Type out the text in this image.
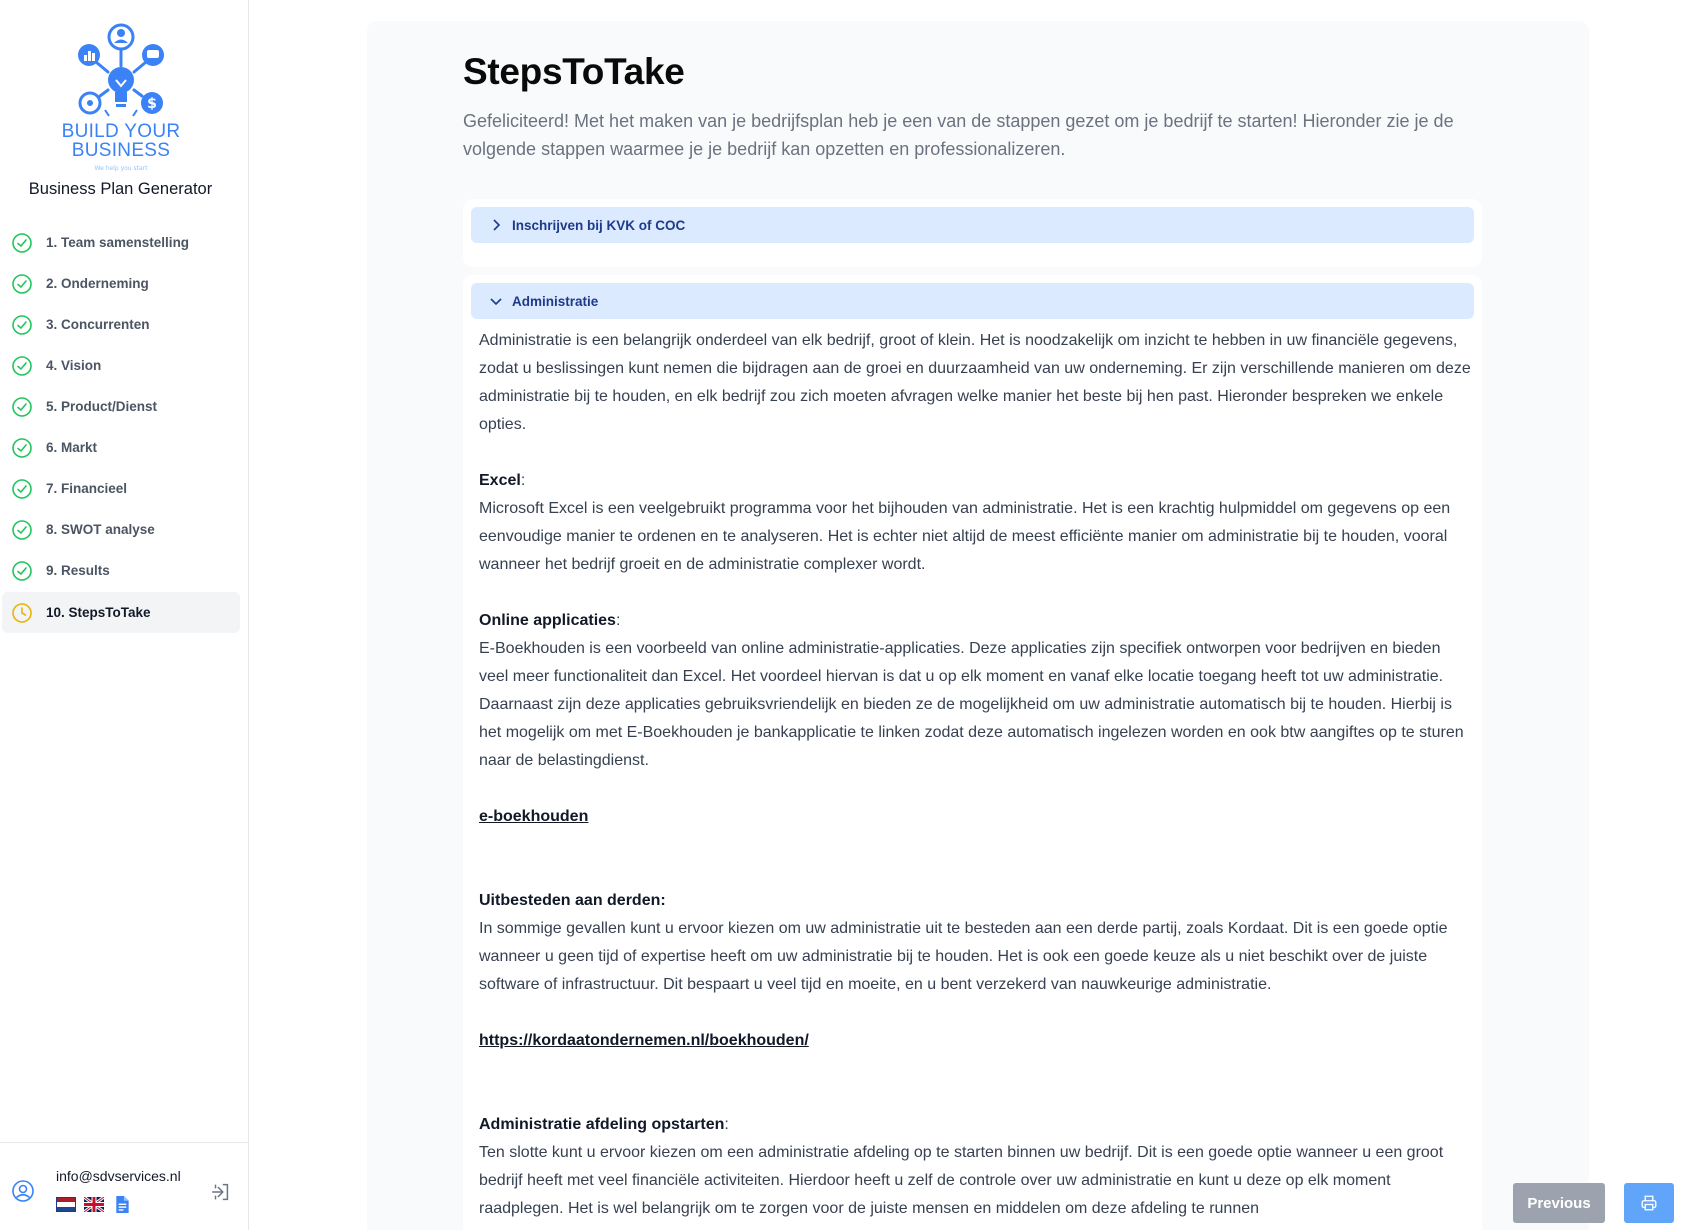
$
BUILD YOUR
BUSINESS
We help you start
Business Plan Generator
1. Team samenstelling
2. Onderneming
3. Concurrenten
4. Vision
5. Product/Dienst
6. Markt
7. Financieel
8. SWOT analyse
9. Results
10. StepsToTake
info@sdvservices.nl
StepsToTake

Gefeliciteerd! Met het maken van je bedrijfsplan heb je een van de stappen gezet om je bedrijf te starten! Hieronder zie je de volgende stappen waarmee je je bedrijf kan opzetten en professionalizeren.

Inschrijven bij KVK of COC
Administratie

Administratie is een belangrijk onderdeel van elk bedrijf, groot of klein. Het is noodzakelijk om inzicht te hebben in uw financiële gegevens, zodat u beslissingen kunt nemen die bijdragen aan de groei en duurzaamheid van uw onderneming. Er zijn verschillende manieren om deze administratie bij te houden, en elk bedrijf zou zich moeten afvragen welke manier het beste bij hen past. Hieronder bespreken we enkele opties.

Excel:

Microsoft Excel is een veelgebruikt programma voor het bijhouden van administratie. Het is een krachtig hulpmiddel om gegevens op een eenvoudige manier te ordenen en te analyseren. Het is echter niet altijd de meest efficiënte manier om administratie bij te houden, vooral wanneer het bedrijf groeit en de administratie complexer wordt.

Online applicaties:

E-Boekhouden is een voorbeeld van online administratie-applicaties. Deze applicaties zijn specifiek ontworpen voor bedrijven en bieden veel meer functionaliteit dan Excel. Het voordeel hiervan is dat u op elk moment en vanaf elke locatie toegang heeft tot uw administratie. Daarnaast zijn deze applicaties gebruiksvriendelijk en bieden ze de mogelijkheid om uw administratie automatisch bij te houden. Hierbij is het mogelijk om met E-Boekhouden je bankapplicatie te linken zodat deze automatisch ingelezen worden en ook btw aangiftes op te sturen naar de belastingdienst.

e-boekhouden

Uitbesteden aan derden:

In sommige gevallen kunt u ervoor kiezen om uw administratie uit te besteden aan een derde partij, zoals Kordaat. Dit is een goede optie wanneer u geen tijd of expertise heeft om uw administratie bij te houden. Het is ook een goede keuze als u niet beschikt over de juiste software of infrastructuur. Dit bespaart u veel tijd en moeite, en u bent verzekerd van nauwkeurige administratie.

https://kordaatondernemen.nl/boekhouden/

Administratie afdeling opstarten:

Ten slotte kunt u ervoor kiezen om een administratie afdeling op te starten binnen uw bedrijf. Dit is een goede optie wanneer u een groot bedrijf heeft met veel financiële activiteiten. Hierdoor heeft u zelf de controle over uw administratie en kunt u deze op elk moment raadplegen. Het is wel belangrijk om te zorgen voor de juiste mensen en middelen om deze afdeling te runnen	Previous
